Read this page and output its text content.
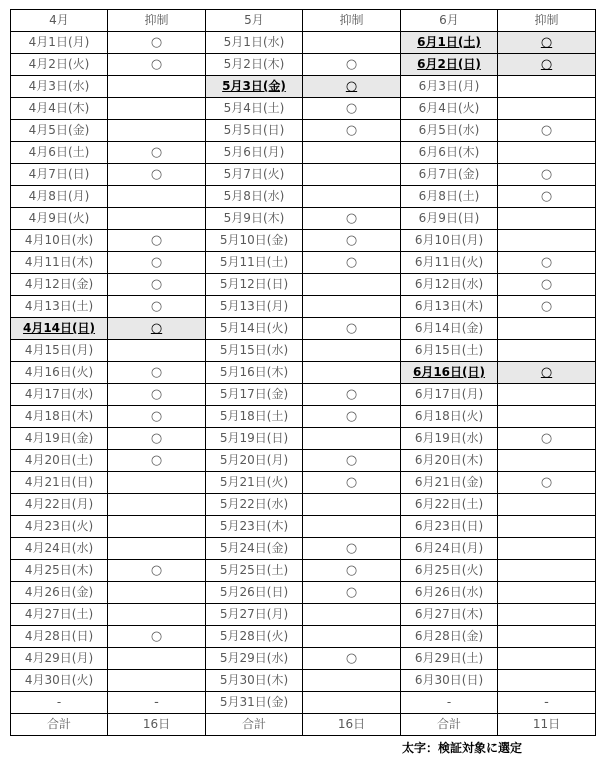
4月	抑制	5月	抑制	6月	抑制
4月1日(月)	○	5月1日(水)		6月1日(土)	○
4月2日(火)	○	5月2日(木)	○	6月2日(日)	○
4月3日(水)		5月3日(金)	○	6月3日(月)	
4月4日(木)		5月4日(土)	○	6月4日(火)	
4月5日(金)		5月5日(日)	○	6月5日(水)	○
4月6日(土)	○	5月6日(月)		6月6日(木)	
4月7日(日)	○	5月7日(火)		6月7日(金)	○
4月8日(月)		5月8日(水)		6月8日(土)	○
4月9日(火)		5月9日(木)	○	6月9日(日)	
4月10日(水)	○	5月10日(金)	○	6月10日(月)	
4月11日(木)	○	5月11日(土)	○	6月11日(火)	○
4月12日(金)	○	5月12日(日)		6月12日(水)	○
4月13日(土)	○	5月13日(月)		6月13日(木)	○
4月14日(日)	○	5月14日(火)	○	6月14日(金)	
4月15日(月)		5月15日(水)		6月15日(土)	
4月16日(火)	○	5月16日(木)		6月16日(日)	○
4月17日(水)	○	5月17日(金)	○	6月17日(月)	
4月18日(木)	○	5月18日(土)	○	6月18日(火)	
4月19日(金)	○	5月19日(日)		6月19日(水)	○
4月20日(土)	○	5月20日(月)	○	6月20日(木)	
4月21日(日)		5月21日(火)	○	6月21日(金)	○
4月22日(月)		5月22日(水)		6月22日(土)	
4月23日(火)		5月23日(木)		6月23日(日)	
4月24日(水)		5月24日(金)	○	6月24日(月)	
4月25日(木)	○	5月25日(土)	○	6月25日(火)	
4月26日(金)		5月26日(日)	○	6月26日(水)	
4月27日(土)		5月27日(月)		6月27日(木)	
4月28日(日)	○	5月28日(火)		6月28日(金)	
4月29日(月)		5月29日(水)	○	6月29日(土)	
4月30日(火)		5月30日(木)		6月30日(日)	
-	-	5月31日(金)		-	-
合計	16日	合計	16日	合計	11日
太字：検証対象に選定
